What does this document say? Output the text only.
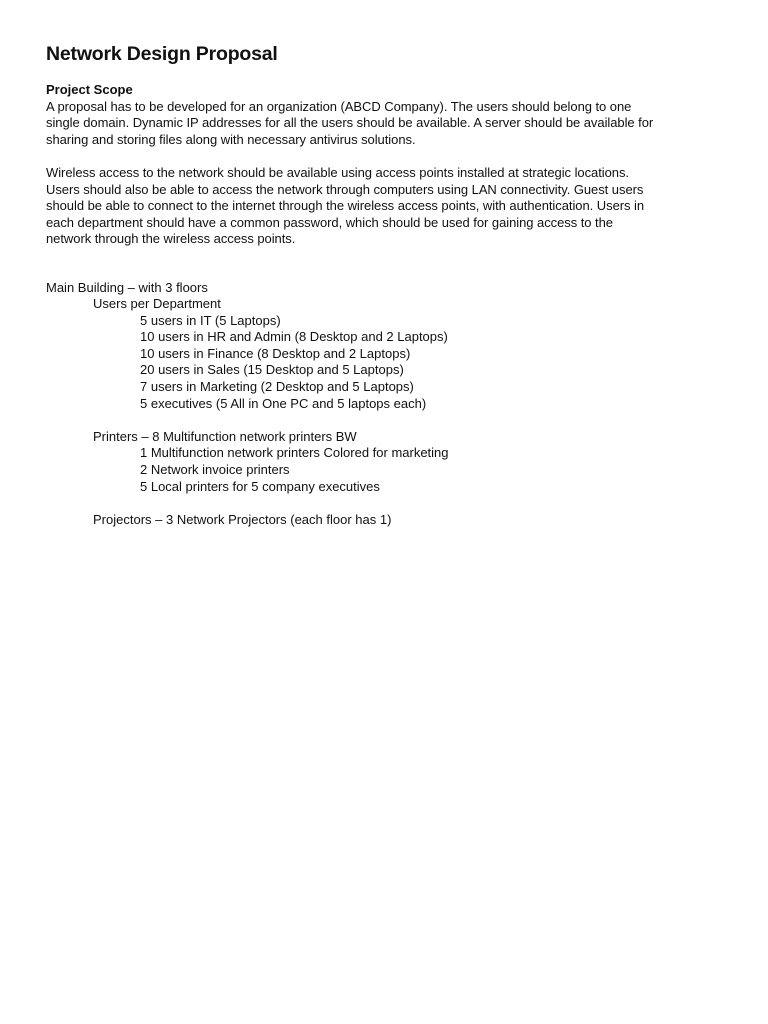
Network Design Proposal
Project Scope
A proposal has to be developed for an organization (ABCD Company). The users should belong to one
single domain. Dynamic IP addresses for all the users should be available. A server should be available for
sharing and storing files along with necessary antivirus solutions.
Wireless access to the network should be available using access points installed at strategic locations.
Users should also be able to access the network through computers using LAN connectivity. Guest users
should be able to connect to the internet through the wireless access points, with authentication. Users in
each department should have a common password, which should be used for gaining access to the
network through the wireless access points.
Main Building – with 3 floors
Users per Department
5 users in IT (5 Laptops)
10 users in HR and Admin (8 Desktop and 2 Laptops)
10 users in Finance (8 Desktop and 2 Laptops)
20 users in Sales (15 Desktop and 5 Laptops)
7 users in Marketing (2 Desktop and 5 Laptops)
5 executives (5 All in One PC and 5 laptops each)
Printers – 8 Multifunction network printers BW
1 Multifunction network printers Colored for marketing
2 Network invoice printers
5 Local printers for 5 company executives
Projectors – 3 Network Projectors (each floor has 1)
